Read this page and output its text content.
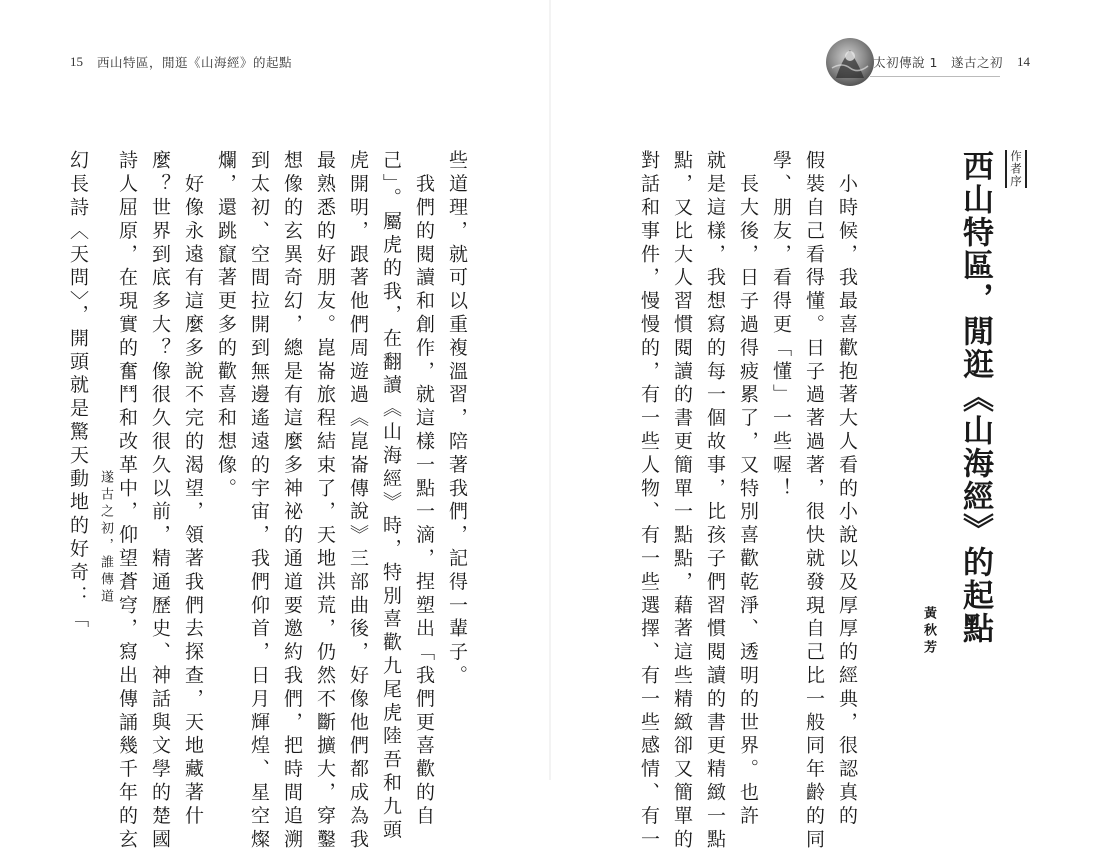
15 西山特區，閒逛《山海經》的起點	太初傳說 1　遂古之初 14
作者序
西山特區，閒逛《山海經》的起點
黃秋芳
　小時候，我最喜歡抱著大人看的小說以及厚厚的經典，很認真的
假裝自己看得懂。日子過著過著，很快就發現自己比一般同年齡的同
學、朋友，看得更「懂」一些喔！
　長大後，日子過得疲累了，又特別喜歡乾淨、透明的世界。也許
就是這樣，我想寫的每一個故事，比孩子們習慣閱讀的書更精緻一點
點，又比大人習慣閱讀的書更簡單一點點，藉著這些精緻卻又簡單的
對話和事件，慢慢的，有一些人物、有一些選擇、有一些感情、有一
些道理，就可以重複溫習，陪著我們，記得一輩子。
　我們的閱讀和創作，就這樣一點一滴，捏塑出「我們更喜歡的自
己」。屬虎的我，在翻讀《山海經》時，特別喜歡九尾虎陸吾和九頭
虎開明，跟著他們周遊過《崑崙傳說》三部曲後，好像他們都成為我
最熟悉的好朋友。崑崙旅程結束了，天地洪荒，仍然不斷擴大，穿鑿
想像的玄異奇幻，總是有這麼多神祕的通道要邀約我們，把時間追溯
到太初、空間拉開到無邊遙遠的宇宙，我們仰首，日月輝煌、星空燦
爛，還跳竄著更多的歡喜和想像。
　好像永遠有這麼多說不完的渴望，領著我們去探查，天地藏著什
麼？世界到底多大？像很久很久以前，精通歷史、神話與文學的楚國
詩人屈原，在現實的奮鬥和改革中，仰望蒼穹，寫出傳誦幾千年的玄
幻長詩〈天問〉，開頭就是驚天動地的好奇：「 遂古之初，誰傳道
